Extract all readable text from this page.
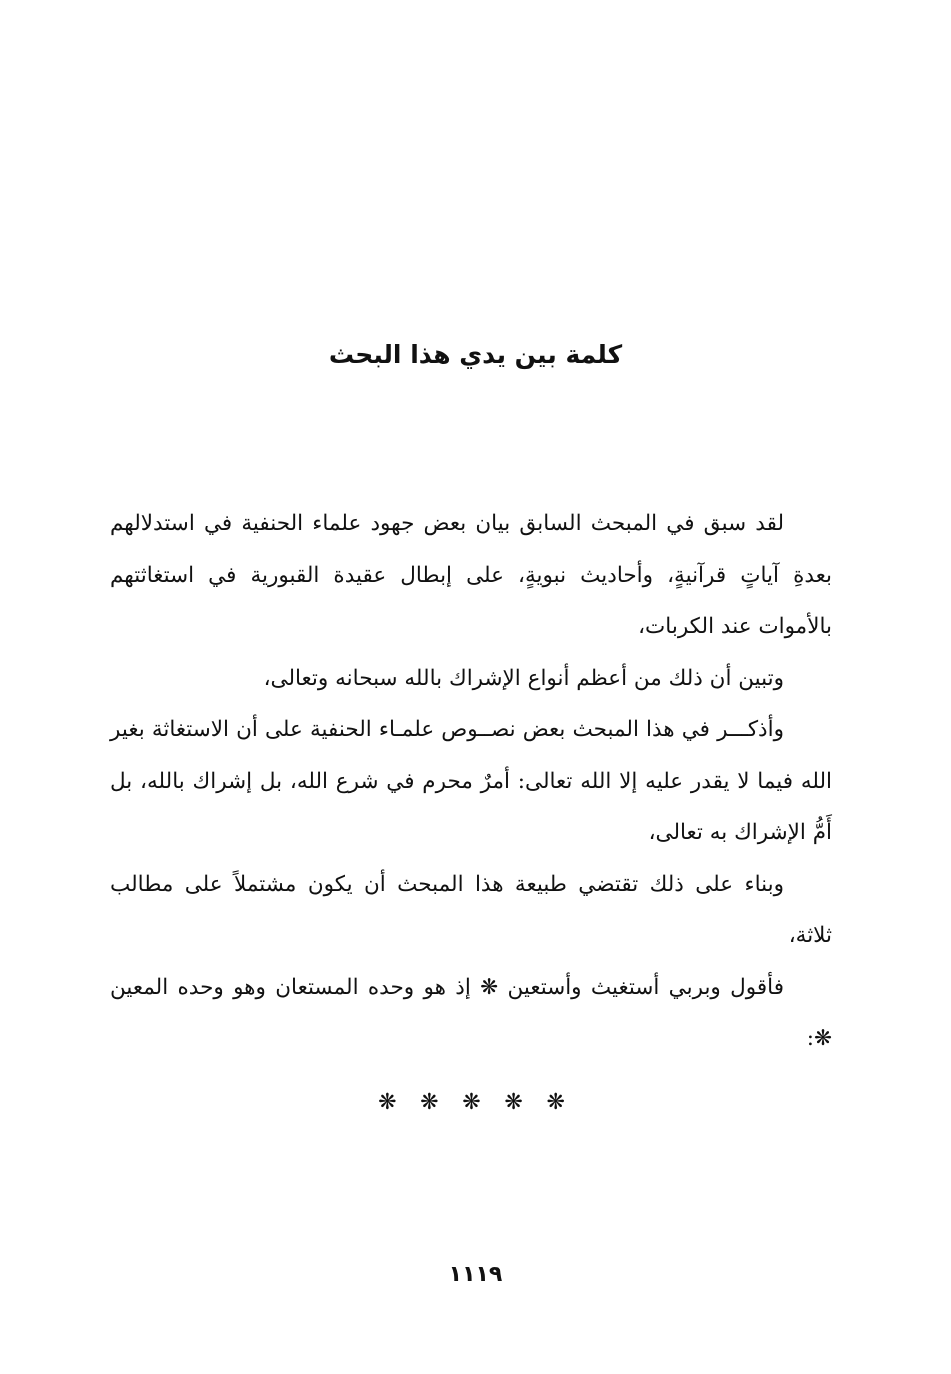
كلمة بين يدي هذا البحث

لقد سبق في المبحث السابق بيان بعض جهود علماء الحنفية في استدلالهم بعدةِ آياتٍ قرآنيةٍ، وأحاديث نبويةٍ، على إبطال عقيدة القبورية في استغاثتهم بالأموات عند الكربات،

وتبين أن ذلك من أعظم أنواع الإشراك بالله سبحانه وتعالى،

وأذكـــر في هذا المبحث بعض نصــوص علمـاء الحنفية على أن الاستغاثة بغير الله فيما لا يقدر عليه إلا الله تعالى: أمرٌ محرم في شرع الله، بل إشراك بالله، بل أَمُّ الإشراك به تعالى،

وبناء على ذلك تقتضي طبيعة هذا المبحث أن يكون مشتملاً على مطالب ثلاثة،

فأقول وبربي أستغيث وأستعين ❋ إذ هو وحده المستعان وهو وحده المعين ❋:

❋ ❋ ❋ ❋ ❋
١١١٩
